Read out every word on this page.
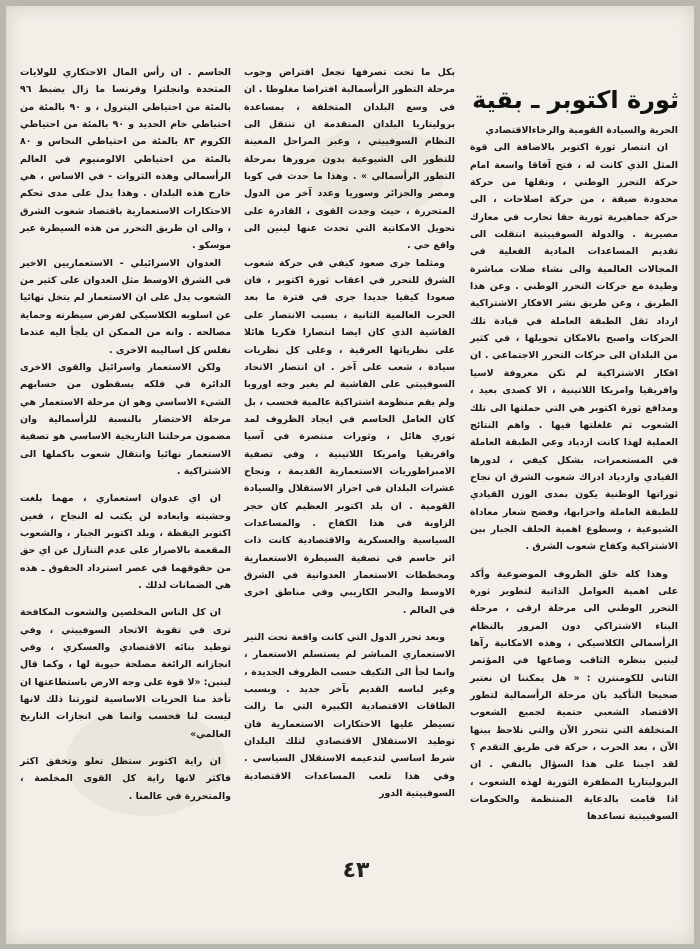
ثورة اكتوبر ـ بقية

الحرية والسيادة القومية والرخاءالاقتصادي

ان انتصار ثورة اكتوبر بالاضافة الى قوة المثل الذي كانت له ، فتح آفاقا واسعة امام حركة التحرر الوطني ، ونقلها من حركة محدودة ضيقة ، من حركة اصلاحات ، الى حركة جماهيرية ثورية حقا تحارب في معارك مصيرية . والدولة السوفييتية انتقلت الى تقديم المساعدات المادية الفعلية في المجالات العالمية والى نشاء صلات مباشرة وطيدة مع حركات التحرر الوطني . وعن هذا الطريق ، وعن طريق نشر الافكار الاشتراكية ازداد ثقل الطبقة العاملة في قيادة تلك الحركات واصبح بالامكان تحويلها ، في كثير من البلدان الى حركات التحرر الاجتماعي . ان افكار الاشتراكية لم تكن معروفة لاسيا وافريقيا وامريكا اللاتينية ، الا كصدى بعيد ، ومدافع ثورة اكتوبر هي التي حملتها الى تلك الشعوب ثم غلغلتها فيها . واهم النتائج العملية لهذا كانت ازدياد وعي الطبقة العاملة في المستعمرات، بشكل كيفي ، لدورها القيادي وازدياد ادراك شعوب الشرق ان نجاح ثوراتها الوطنية يكون بمدى الوزن القيادي للطبقة العاملة واحزابها، وفضح شعار معاداة الشيوعية ، وسطوع اهمية الحلف الجبار بين الاشتراكية وكفاح شعوب الشرق .

وهذا كله خلق الظروف الموضوعية وأكد على اهمية العوامل الذاتية لتطوير ثورة التحرر الوطني الى مرحلة ارقى ، مرحلة البناء الاشتراكي دون المرور بالنظام الرأسمالي الكلاسيكي ، وهذه الامكانية رآها لينين بنظره الثاقب وصاغها في المؤتمر الثاني للكومنترن : « هل يمكننا ان نعتبر صحيحا التأكيد بان مرحلة الرأسمالية لتطور الاقتصاد الشعبي حتمية لجميع الشعوب المتخلفة التي تتحرر الآن والتي نلاحظ بينها الآن ، بعد الحرب ، حركة في طريق التقدم ؟ لقد اجبنا على هذا السؤال بالنفي . ان البروليتاريا المظفرة الثورية لهذه الشعوب ، اذا قامت بالدعاية المنتظمة والحكومات السوفييتية تساعدها

بكل ما تحت تصرفها تجعل افتراض وجوب مرحلة التطور الرأسمالية افتراضا مغلوطا . ان في وسع البلدان المتخلفة ، بمساعدة بروليتاريا البلدان المتقدمة ان تنتقل الى النظام السوفييتي ، وعبر المراحل المعينة للتطور الى الشيوعية بدون مرورها بمرحلة التطور الرأسمالي » . وهذا ما حدث في كوبا ومصر والجزائر وسوريا وعدد آخر من الدول المتحررة ، حيث وجدت القوى ، القادرة على تحويل الامكانية التي تحدث عنها لينين الى واقع حي .

ومثلما جرى صعود كيفي في حركة شعوب الشرق للتحرر في اعقاب ثورة اكتوبر ، فان صعودا كيفيا جديدا جرى في فترة ما بعد الحرب العالمية الثانية ، بسبب الانتصار على الفاشية الذي كان ايضا انتصارا فكريا هائلا على نظرياتها العرقية ، وعلى كل نظريات سيادة ، شعب على آخر . ان انتصار الاتحاد السوفييتي على الفاشية لم يغير وجه اوروبا ولم يقم منظومة اشتراكية عالمية فحسب ، بل كان العامل الحاسم في ايجاد الظروف لمد ثوري هائل ، وثورات منتصرة في آسيا وافريقيا وامريكا اللاتينية ، وفي تصفية الامبراطوريات الاستعمارية القديمة ، ونجاح عشرات البلدان في احراز الاستقلال والسيادة القومية . ان بلد اكتوبر العظيم كان حجر الزاوية في هذا الكفاح . والمساعدات السياسية والعسكرية والاقتصادية كانت ذات اثر حاسم في تصفية السيطرة الاستعمارية ومخططات الاستعمار العدوانية في الشرق الاوسط والبحر الكاريبي وفي مناطق اخرى في العالم .

وبعد تحرر الدول التي كانت واقعة تحت النير الاستعماري المباشر لم يستسلم الاستعمار ، وانما لجأ الى التكيف حسب الظروف الجديدة ، وغير لباسه القديم بآخر جديد . وبسبب الطاقات الاقتصادية الكبيرة التي ما زالت تسيطر عليها الاحتكارات الاستعمارية فان توطيد الاستقلال الاقتصادي لتلك البلدان شرط اساسي لتدعيمه الاستقلال السياسي . وفي هذا تلعب المساعدات الاقتصادية السوفييتية الدور

الحاسم . ان رأس المال الاحتكاري للولايات المتحدة وانجلترا وفرنسا ما زال يضبط ٩٦ بالمئة من احتياطي البترول ، و ٩٠ بالمئة من احتياطي خام الحديد و ٩٠ بالمئة من احتياطي الكروم ٨٣ بالمئة من احتياطي النحاس و ٨٠ بالمئة من احتياطي الالومنيوم في العالم الرأسمالي وهذه الثروات - في الاساس ، هي خارج هذه البلدان . وهذا يدل على مدى تحكم الاحتكارات الاستعمارية باقتصاد شعوب الشرق ، والى ان طريق التحرر من هذه السيطرة عبر موسكو .

العدوان الاسرائيلي - الاستعماريين الاخير في الشرق الاوسط مثل العدوان على كثير من الشعوب يدل على ان الاستعمار لم يتخل نهائيا عن اسلوبه الكلاسيكي لفرض سيطرته وحماية مصالحه . وانه من الممكن ان يلجأ اليه عندما نفلس كل اساليبه الاخرى .

ولكن الاستعمار واسرائيل والقوى الاخرى الدائرة في فلكه يسقطون من حسابهم الشيء الاساسي وهو ان مرحلة الاستعمار هي مرحلة الاحتضار بالنسبة للرأسمالية وان مضمون مرحلتنا التاريخية الاساسي هو تصفية الاستعمار نهائيا وانتقال شعوب باكملها الى الاشتراكية .

ان اي عدوان استعماري ، مهما بلغت وحشيته وابعاده لن يكتب له النجاح ، فعين اكتوبر اليقظة ، وبلد اكتوبر الجبار ، والشعوب المقعمة بالاصرار على عدم التنازل عن اي حق من حقوقهما في عصر استرداد الحقوق ـ هذه هي الضمانات لذلك .

ان كل الناس المخلصين والشعوب المكافحة ترى في تقوية الاتحاد السوفييتي ، وفي توطيد بنائه الاقتصادي والعسكري ، وفي انجازاته الرائعة مصلحة حيوية لها ، وكما قال لينين: «لا قوة على وجه الارض باستطاعتها ان تأخذ منا الحريات الاساسية لثورتنا ذلك لانها ليست لنا فحسب وانما هي انجازات التاريخ العالمي»

ان راية اكتوبر ستظل تعلو وتخفق اكثر فاكثر لانها راية كل القوى المخلصة ، والمتحررة في عالمنا .

٤٣
